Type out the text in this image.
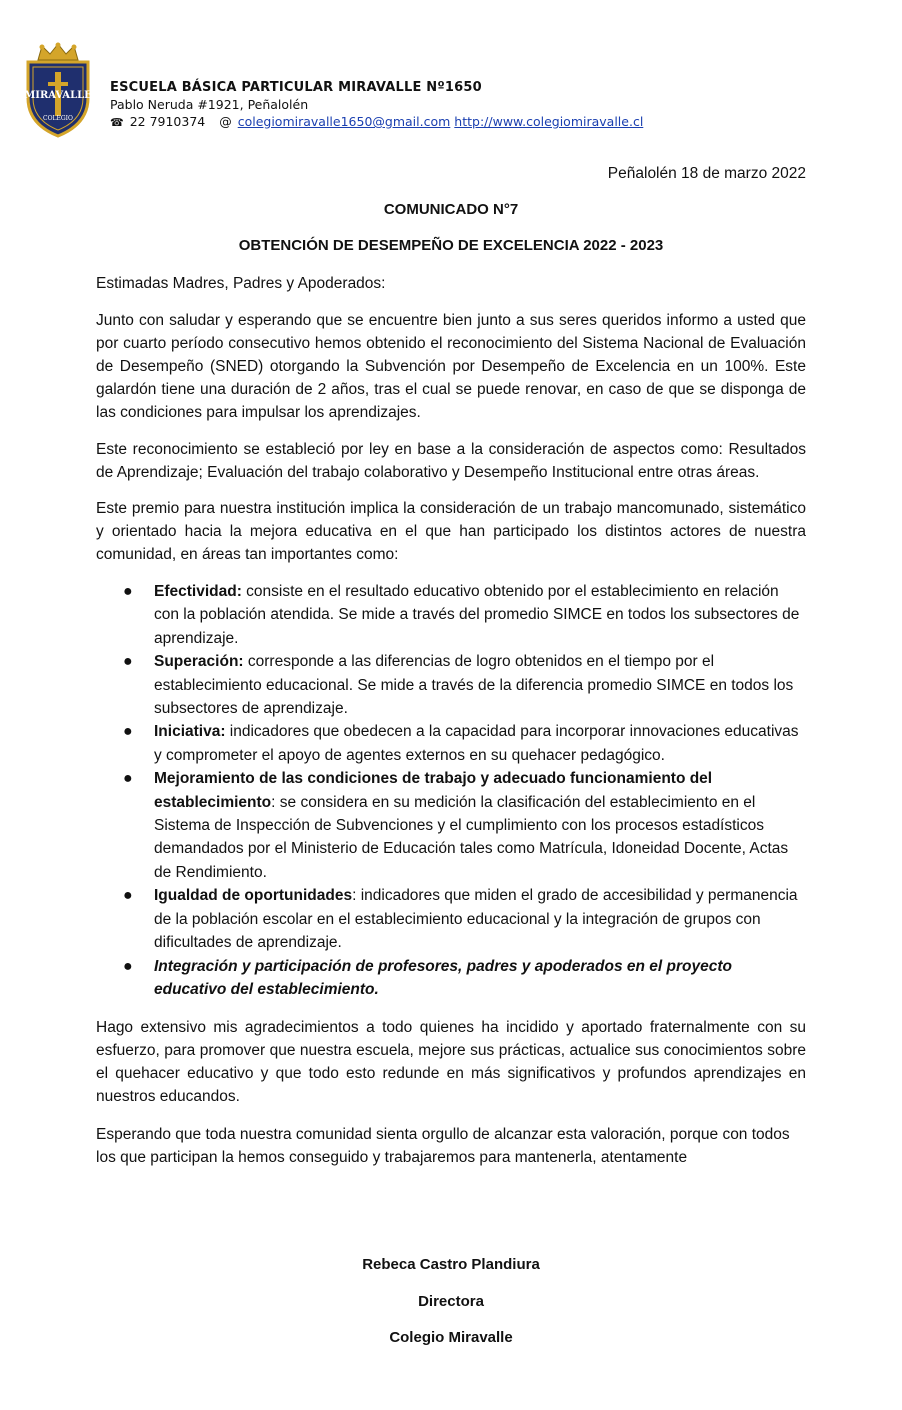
MIRAVALLE
COLEGIO
ESCUELA BÁSICA PARTICULAR MIRAVALLE Nº1650
Pablo Neruda #1921, Peñalolén
☎ 22 7910374 @ colegiomiravalle1650@gmail.com http://www.colegiomiravalle.cl
Peñalolén 18 de marzo 2022
COMUNICADO N°7
OBTENCIÓN DE DESEMPEÑO DE EXCELENCIA 2022 - 2023
Estimadas Madres, Padres y Apoderados:

Junto con saludar y esperando que se encuentre bien junto a sus seres queridos informo a usted que por cuarto período consecutivo hemos obtenido el reconocimiento del Sistema Nacional de Evaluación de Desempeño (SNED) otorgando la Subvención por Desempeño de Excelencia en un 100%. Este galardón tiene una duración de 2 años, tras el cual se puede renovar, en caso de que se disponga de las condiciones para impulsar los aprendizajes.

Este reconocimiento se estableció por ley en base a la consideración de aspectos como: Resultados de Aprendizaje; Evaluación del trabajo colaborativo y Desempeño Institucional entre otras áreas.

Este premio para nuestra institución implica la consideración de un trabajo mancomunado, sistemático y orientado hacia la mejora educativa en el que han participado los distintos actores de nuestra comunidad, en áreas tan importantes como:

● Efectividad: consiste en el resultado educativo obtenido por el establecimiento en relación con la población atendida. Se mide a través del promedio SIMCE en todos los subsectores de aprendizaje.
● Superación: corresponde a las diferencias de logro obtenidos en el tiempo por el establecimiento educacional. Se mide a través de la diferencia promedio SIMCE en todos los subsectores de aprendizaje.
● Iniciativa: indicadores que obedecen a la capacidad para incorporar innovaciones educativas y comprometer el apoyo de agentes externos en su quehacer pedagógico.
● Mejoramiento de las condiciones de trabajo y adecuado funcionamiento del establecimiento: se considera en su medición la clasificación del establecimiento en el Sistema de Inspección de Subvenciones y el cumplimiento con los procesos estadísticos demandados por el Ministerio de Educación tales como Matrícula, Idoneidad Docente, Actas de Rendimiento.
● Igualdad de oportunidades: indicadores que miden el grado de accesibilidad y permanencia de la población escolar en el establecimiento educacional y la integración de grupos con dificultades de aprendizaje.
● Integración y participación de profesores, padres y apoderados en el proyecto educativo del establecimiento.

Hago extensivo mis agradecimientos a todo quienes ha incidido y aportado fraternalmente con su esfuerzo, para promover que nuestra escuela, mejore sus prácticas, actualice sus conocimientos sobre el quehacer educativo y que todo esto redunde en más significativos y profundos aprendizajes en nuestros educandos.

Esperando que toda nuestra comunidad sienta orgullo de alcanzar esta valoración, porque con todos los que participan la hemos conseguido y trabajaremos para mantenerla, atentamente

Rebeca Castro Plandiura
Directora
Colegio Miravalle
